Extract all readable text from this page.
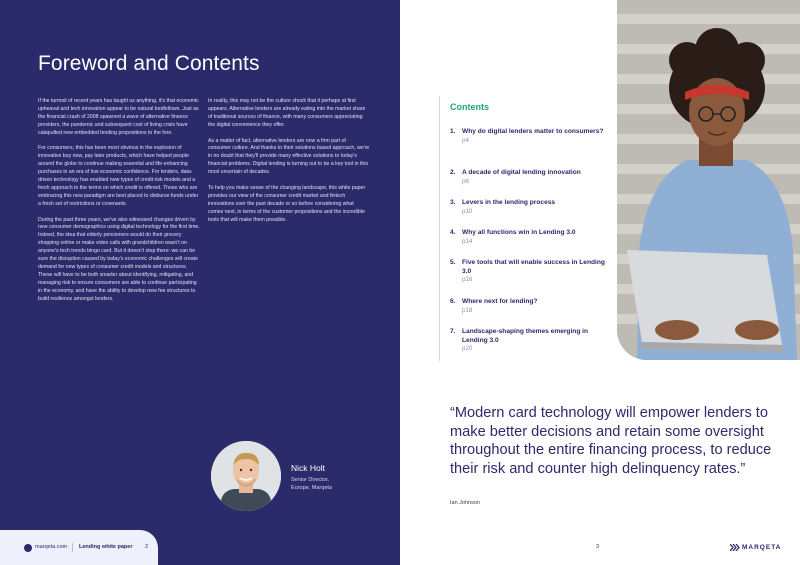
Foreword and Contents

If the turmoil of recent years has taught us anything, it's that economic upheaval and tech innovation appear to be natural bedfellows. Just as the financial crash of 2008 spawned a wave of alternative finance providers, the pandemic and subsequent cost of living crisis have catapulted new embedded lending propositions to the fore.

For consumers, this has been most obvious in the explosion of innovative buy now, pay later products, which have helped people around the globe to continue making essential and life-enhancing purchases in an era of low economic confidence. For lenders, data-driven technology has enabled new types of credit risk models and a fresh approach to the terms on which credit is offered. Those who are embracing this new paradigm are best placed to disburse funds under a fresh set of restrictions or covenants.

During the past three years, we've also witnessed changes driven by new consumer demographics using digital technology for the first time. Indeed, the idea that elderly pensioners would do their grocery shopping online or make video calls with grandchildren wasn't on anyone's tech trends bingo card. But it doesn't stop there: we can be sure the disruption caused by today's economic challenges will create demand for new types of consumer credit models and structures. These will have to be both smarter about identifying, mitigating, and managing risk to ensure consumers are able to continue participating in the economy, and have the ability to develop new fee structures to build resilience amongst lenders.

In reality, this may not be the culture shock that it perhaps at first appears. Alternative lenders are already eating into the market share of traditional sources of finance, with many consumers appreciating the digital convenience they offer.

As a matter of fact, alternative lenders are now a firm part of consumer culture. And thanks to their solutions based approach, we're in no doubt that they'll provide many effective solutions to today's financial problems. Digital lending is turning out to be a key tool in this most uncertain of decades.

To help you make sense of the changing landscape, this white paper provides our view of the consumer credit market and fintech innovations over the past decade or so before considering what comes next, in terms of the customer propositions and the incredible tools that will make them possible.

Nick Holt
Senior Director,
Europe, Marqeta
marqeta.com Lending white paper 2
Contents
1. Why do digital lenders matter to consumers?
p4
2. A decade of digital lending innovation
p6
3. Levers in the lending process
p10
4. Why all functions win in Lending 3.0
p14
5. Five tools that will enable success in Lending 3.0
p16
6. Where next for lending?
p18
7. Landscape-shaping themes emerging in Lending 3.0
p20
“Modern card technology will empower lenders to make better decisions and retain some oversight throughout the entire financing process, to reduce their risk and counter high delinquency rates.”
Ian Johnson
3	MARQETA
